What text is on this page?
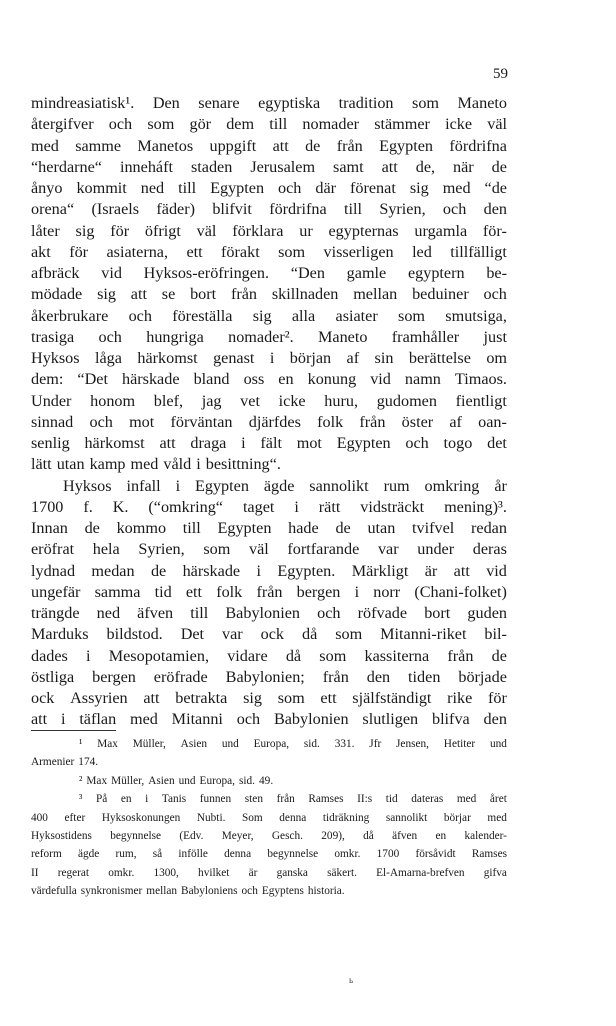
59
mindreasiatisk¹. Den senare egyptiska tradition som Maneto
återgifver och som gör dem till nomader stämmer icke väl
med samme Manetos uppgift att de från Egypten fördrifna
“herdarne“ inneháft staden Jerusalem samt att de, när de
ånyo kommit ned till Egypten och där förenat sig med “de
orena“ (Israels fäder) blifvit fördrifna till Syrien, och den
låter sig för öfrigt väl förklara ur egypternas urgamla för-
akt för asiaterna, ett förakt som visserligen led tillfälligt
afbräck vid Hyksos-eröfringen. “Den gamle egyptern be-
mödade sig att se bort från skillnaden mellan beduiner och
åkerbrukare och föreställa sig alla asiater som smutsiga,
trasiga och hungriga nomader². Maneto framhåller just
Hyksos låga härkomst genast i början af sin berättelse om
dem: “Det härskade bland oss en konung vid namn Timaos.
Under honom blef, jag vet icke huru, gudomen fientligt
sinnad och mot förväntan djärfdes folk från öster af oan-
senlig härkomst att draga i fält mot Egypten och togo det
lätt utan kamp med våld i besittning“.
Hyksos infall i Egypten ägde sannolikt rum omkring år
1700 f. K. (“omkring“ taget i rätt vidsträckt mening)³.
Innan de kommo till Egypten hade de utan tvifvel redan
eröfrat hela Syrien, som väl fortfarande var under deras
lydnad medan de härskade i Egypten. Märkligt är att vid
ungefär samma tid ett folk från bergen i norr (Chani-folket)
trängde ned äfven till Babylonien och röfvade bort guden
Marduks bildstod. Det var ock då som Mitanni-riket bil-
dades i Mesopotamien, vidare då som kassiterna från de
östliga bergen eröfrade Babylonien; från den tiden började
ock Assyrien att betrakta sig som ett själfständigt rike för
att i täflan med Mitanni och Babylonien slutligen blifva den
¹ Max Müller, Asien und Europa, sid. 331. Jfr Jensen, Hetiter und
Armenier 174.
² Max Müller, Asien und Europa, sid. 49.
³ På en i Tanis funnen sten från Ramses II:s tid dateras med året
400 efter Hyksoskonungen Nubti. Som denna tidräkning sannolikt börjar med
Hyksostidens begynnelse (Edv. Meyer, Gesch. 209), då äfven en kalender-
reform ägde rum, så infölle denna begynnelse omkr. 1700 försåvidt Ramses
II regerat omkr. 1300, hvilket är ganska säkert. El-Amarna-brefven gifva
värdefulla synkronismer mellan Babyloniens och Egyptens historia.
ь
